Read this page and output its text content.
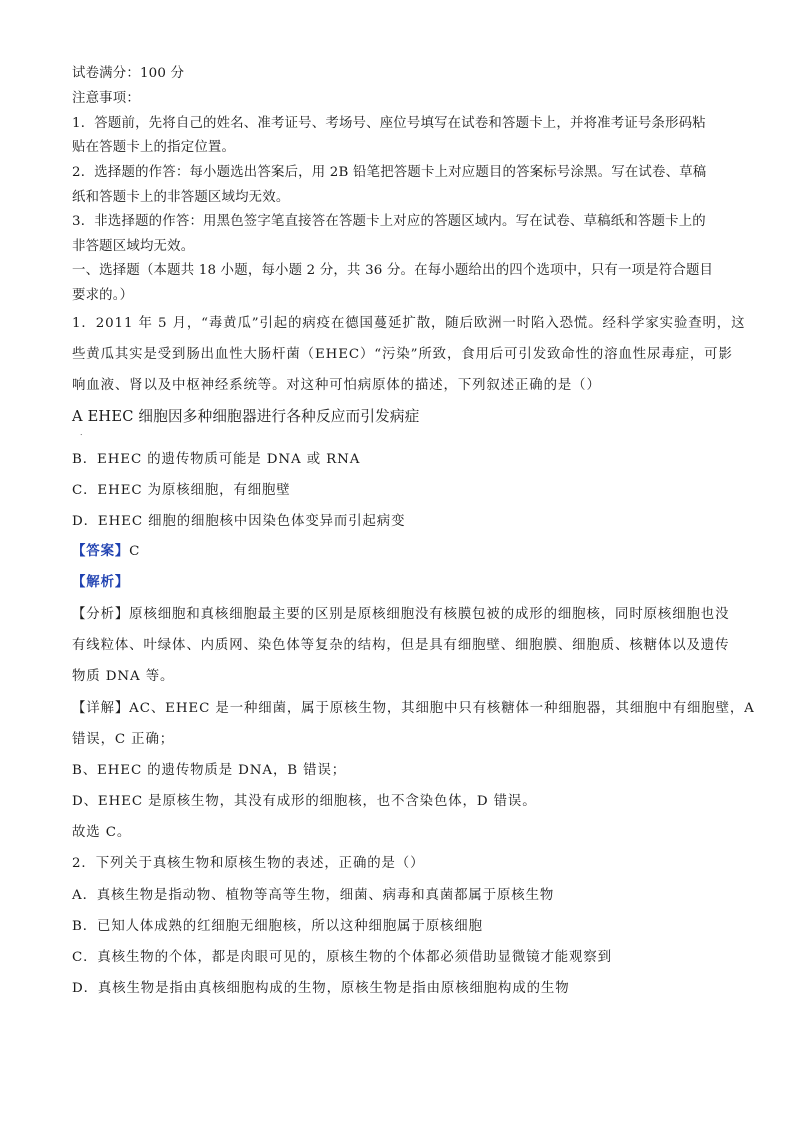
试卷满分：100 分
注意事项：
1．答题前，先将自己的姓名、准考证号、考场号、座位号填写在试卷和答题卡上，并将准考证号条形码粘
贴在答题卡上的指定位置。
2．选择题的作答：每小题选出答案后，用 2B 铅笔把答题卡上对应题目的答案标号涂黑。写在试卷、草稿
纸和答题卡上的非答题区域均无效。
3．非选择题的作答：用黑色签字笔直接答在答题卡上对应的答题区域内。写在试卷、草稿纸和答题卡上的
非答题区域均无效。
一、选择题（本题共 18 小题，每小题 2 分，共 36 分。在每小题给出的四个选项中，只有一项是符合题目
要求的。）
1．2011 年 5 月，“毒黄瓜”引起的病疫在德国蔓延扩散，随后欧洲一时陷入恐慌。经科学家实验查明，这
些黄瓜其实是受到肠出血性大肠杆菌（EHEC）“污染”所致，食用后可引发致命性的溶血性尿毒症，可影
响血液、肾以及中枢神经系统等。对这种可怕病原体的描述，下列叙述正确的是（）
A EHEC 细胞因多种细胞器进行各种反应而引发病症
．
B．EHEC 的遗传物质可能是 DNA 或 RNA
C．EHEC 为原核细胞，有细胞壁
D．EHEC 细胞的细胞核中因染色体变异而引起病变
【答案】C
【解析】
【分析】原核细胞和真核细胞最主要的区别是原核细胞没有核膜包被的成形的细胞核，同时原核细胞也没
有线粒体、叶绿体、内质网、染色体等复杂的结构，但是具有细胞壁、细胞膜、细胞质、核糖体以及遗传
物质 DNA 等。
【详解】AC、EHEC 是一种细菌，属于原核生物，其细胞中只有核糖体一种细胞器，其细胞中有细胞壁，A
错误，C 正确；
B、EHEC 的遗传物质是 DNA，B 错误；
D、EHEC 是原核生物，其没有成形的细胞核，也不含染色体，D 错误。
故选 C。
2．下列关于真核生物和原核生物的表述，正确的是（）
A．真核生物是指动物、植物等高等生物，细菌、病毒和真菌都属于原核生物
B．已知人体成熟的红细胞无细胞核，所以这种细胞属于原核细胞
C．真核生物的个体，都是肉眼可见的，原核生物的个体都必须借助显微镜才能观察到
D．真核生物是指由真核细胞构成的生物，原核生物是指由原核细胞构成的生物
